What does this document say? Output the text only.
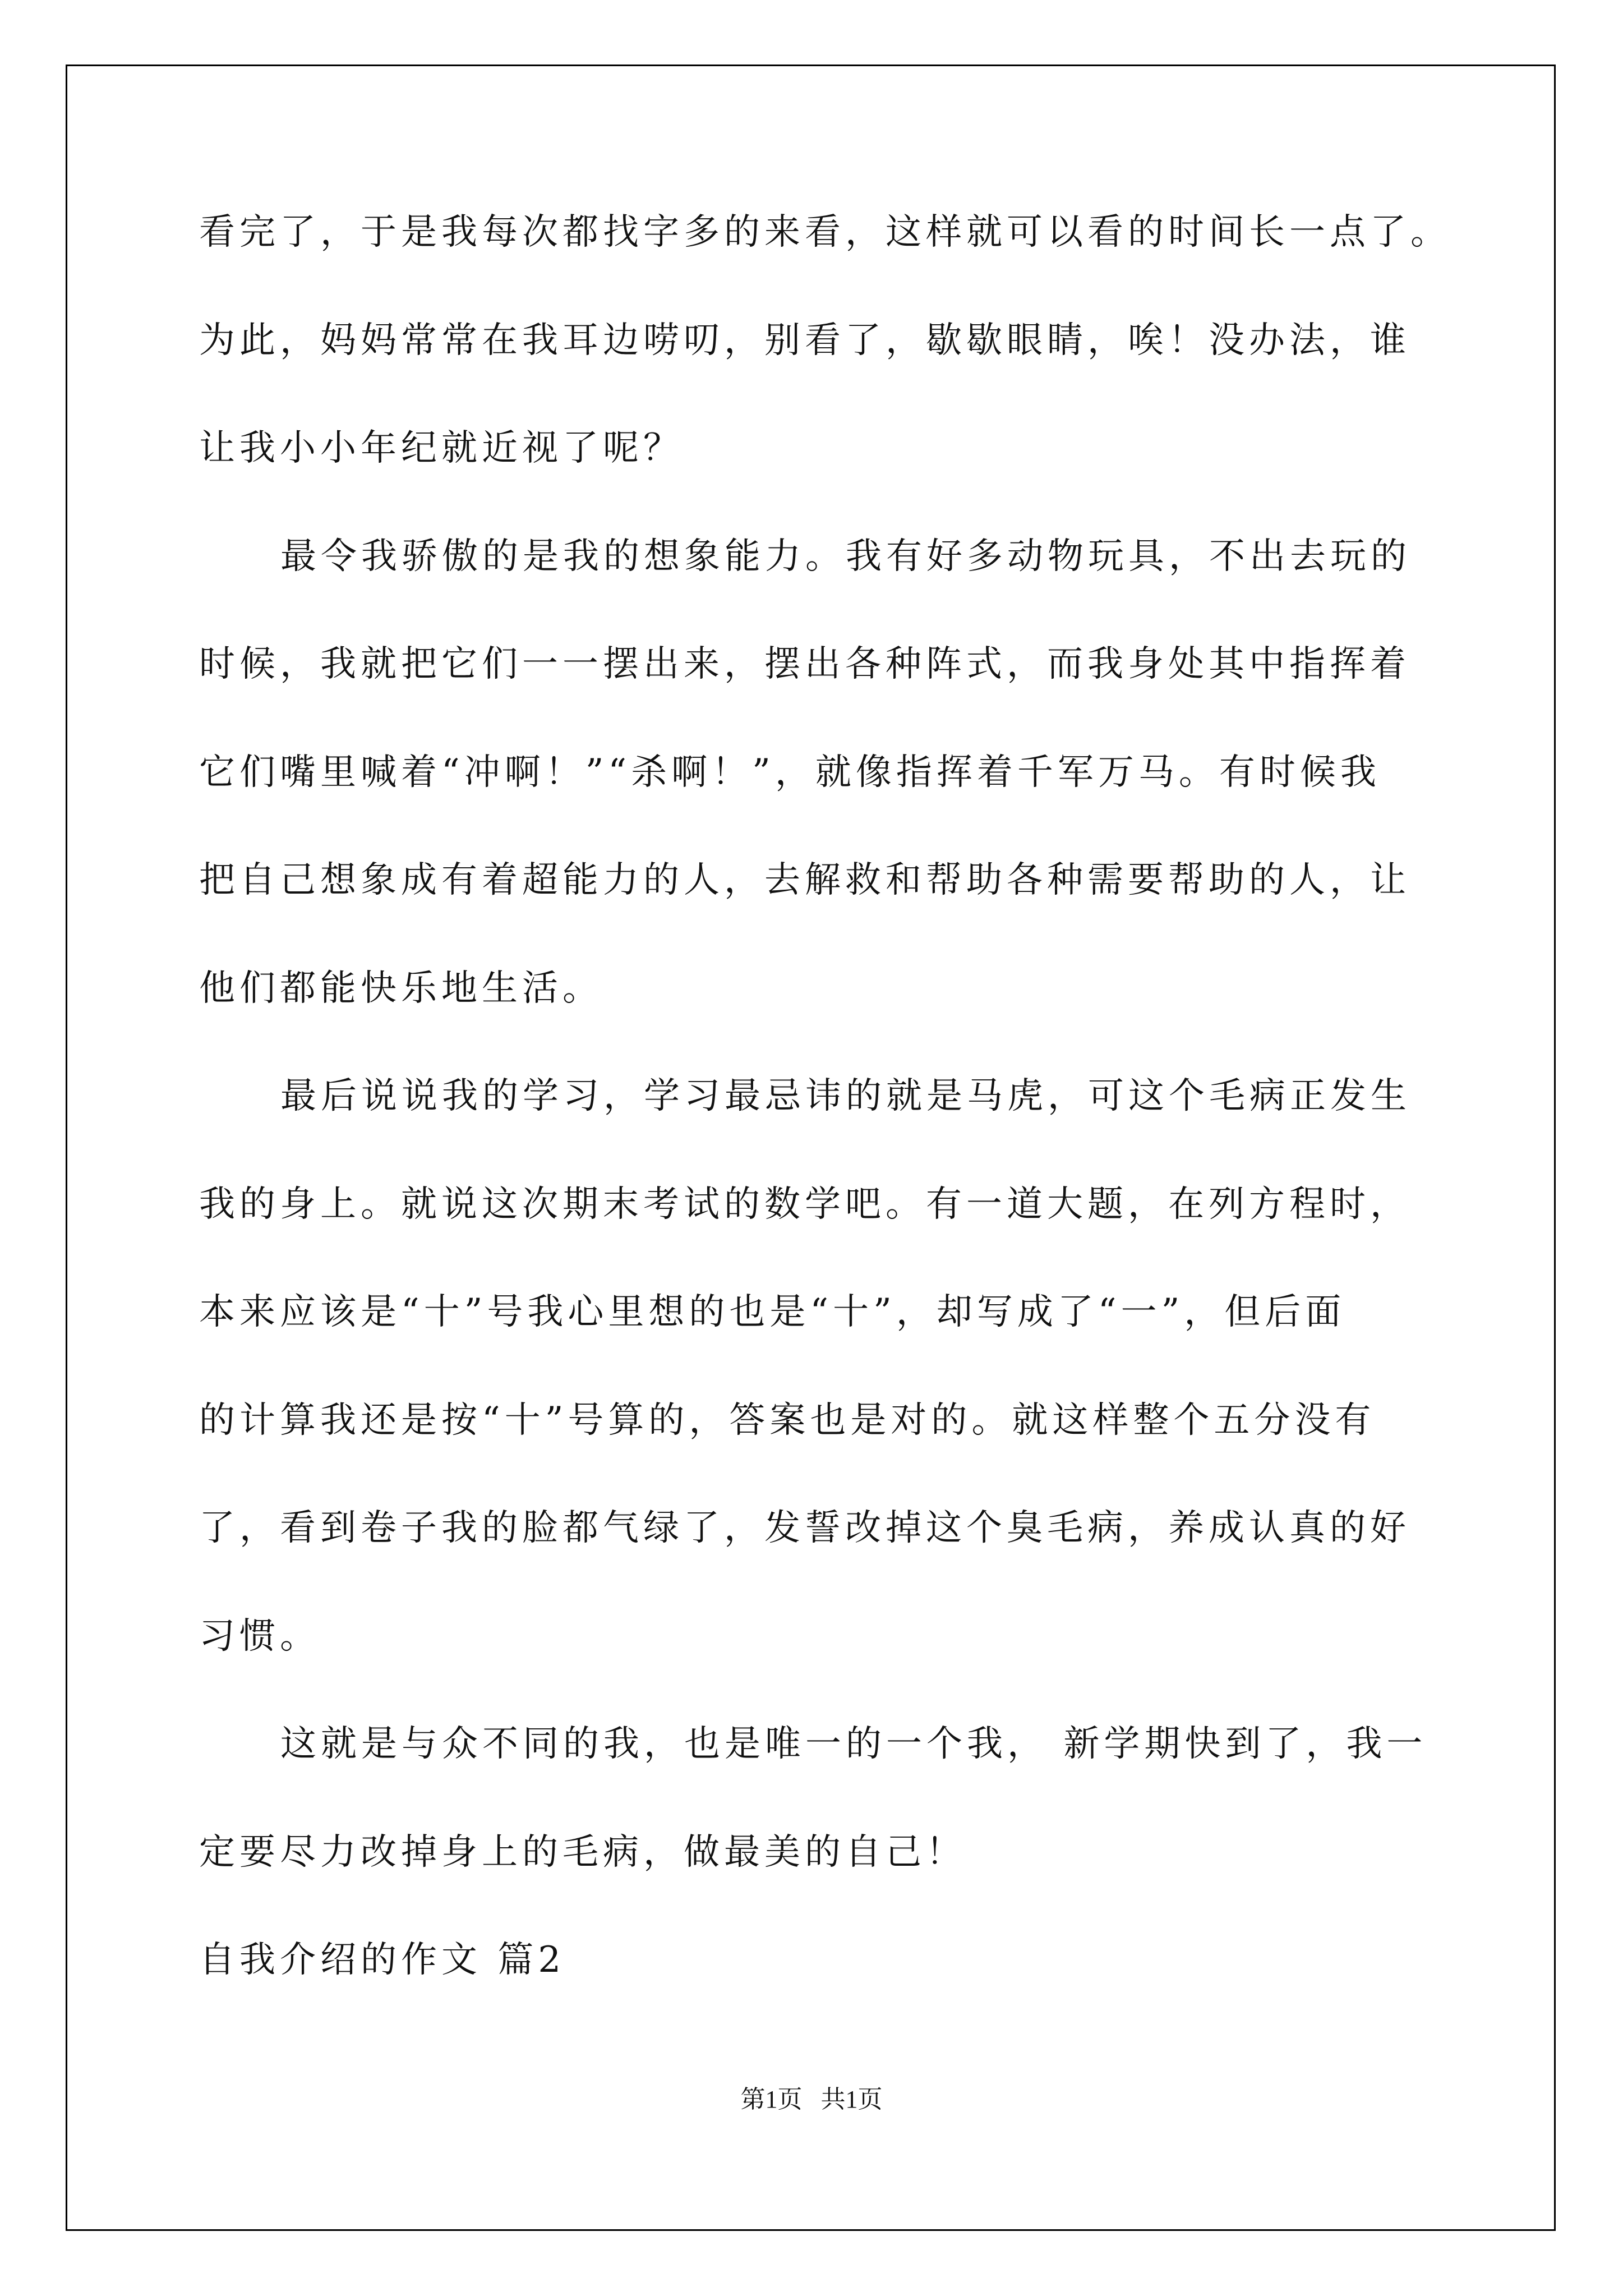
看完了，于是我每次都找字多的来看，这样就可以看的时间长一点了。
为此，妈妈常常在我耳边唠叨，别看了，歇歇眼睛，唉！没办法，谁
让我小小年纪就近视了呢？
最令我骄傲的是我的想象能力。我有好多动物玩具，不出去玩的
时候，我就把它们一一摆出来，摆出各种阵式，而我身处其中指挥着
它们嘴里喊着“冲啊！”“杀啊！”，就像指挥着千军万马。有时候我
把自己想象成有着超能力的人，去解救和帮助各种需要帮助的人，让
他们都能快乐地生活。
最后说说我的学习，学习最忌讳的就是马虎，可这个毛病正发生
我的身上。就说这次期末考试的数学吧。有一道大题，在列方程时，
本来应该是“十”号我心里想的也是“十”，却写成了“一”，但后面
的计算我还是按“十”号算的，答案也是对的。就这样整个五分没有
了，看到卷子我的脸都气绿了，发誓改掉这个臭毛病，养成认真的好
习惯。
这就是与众不同的我，也是唯一的一个我， 新学期快到了，我一
定要尽力改掉身上的毛病，做最美的自己！
自我介绍的作文 篇2
第1页   共1页
